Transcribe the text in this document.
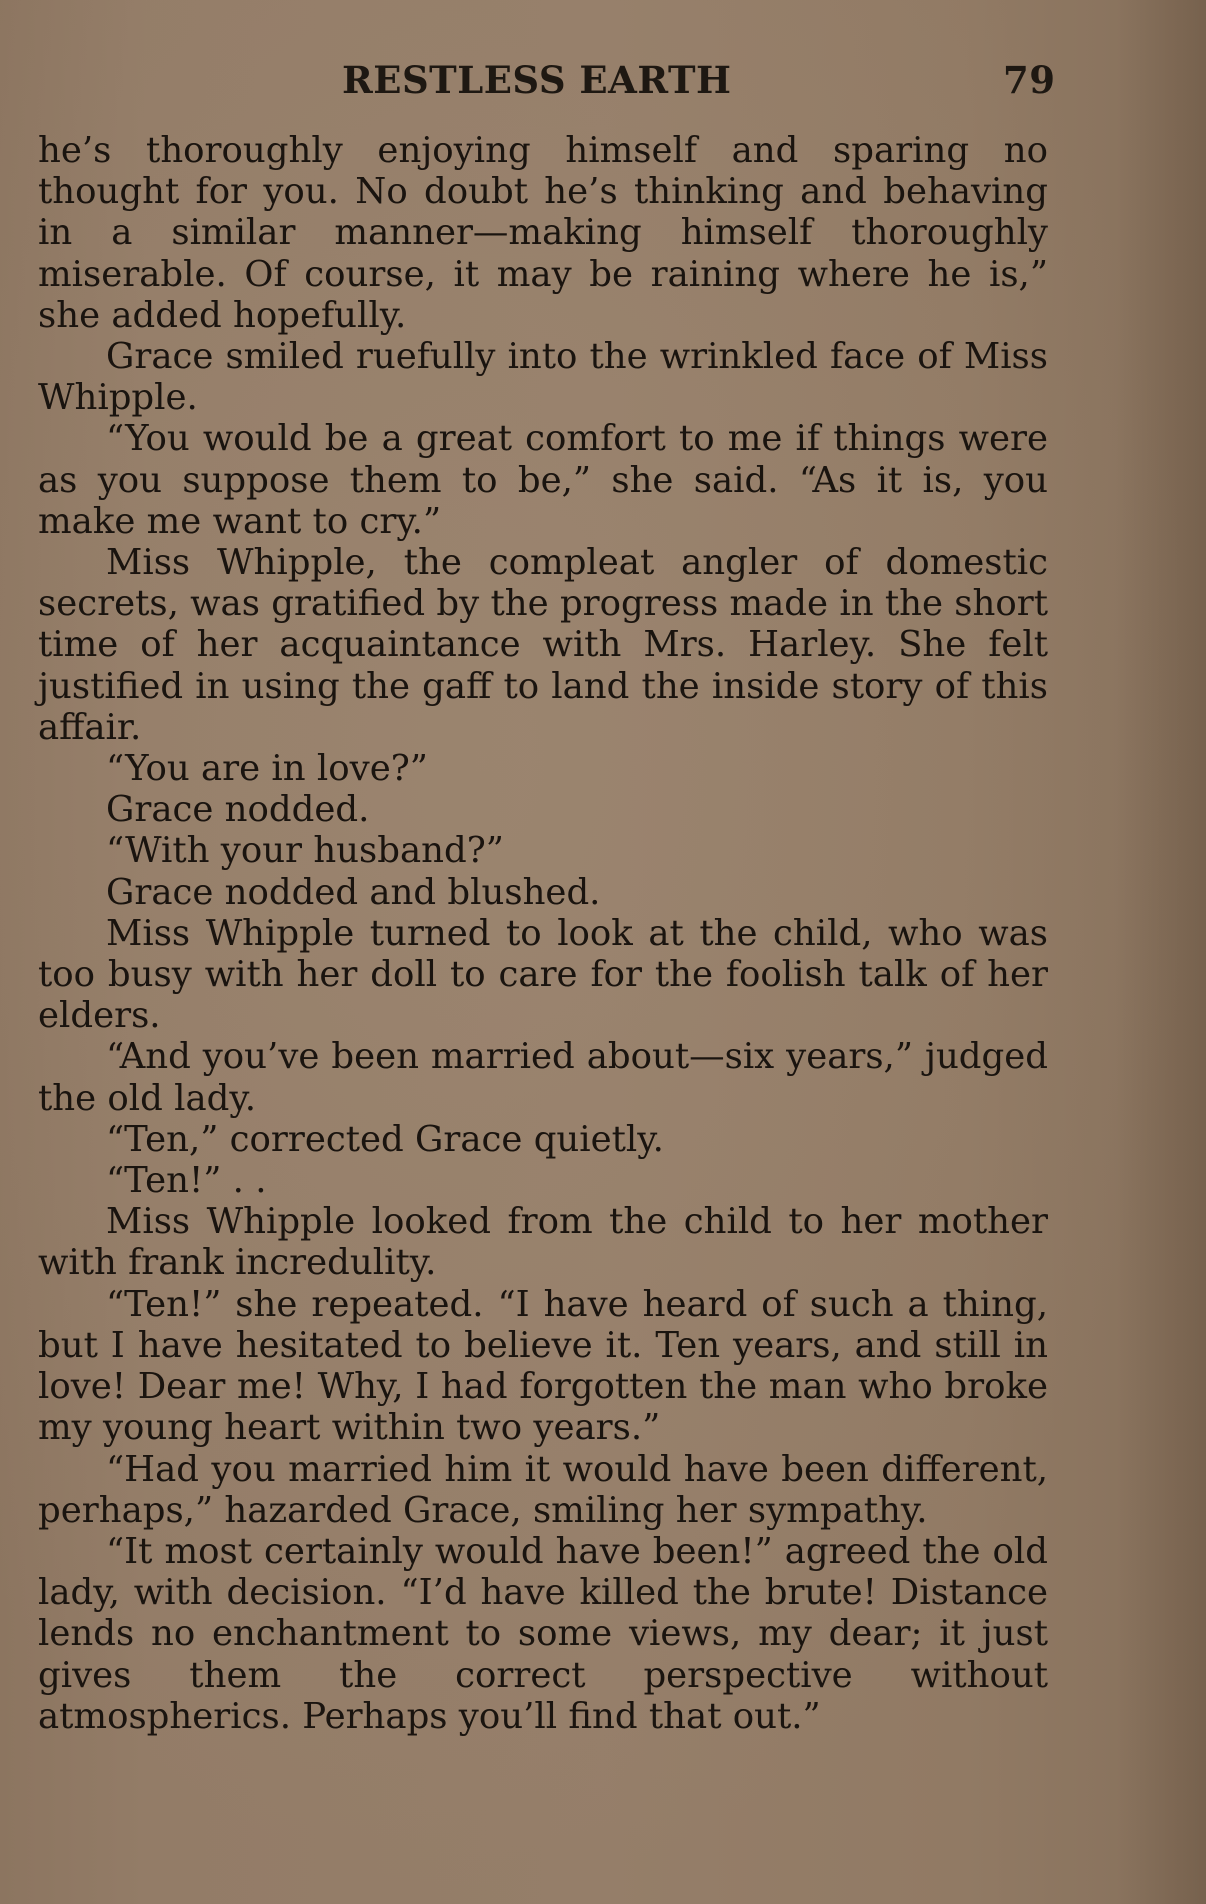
RESTLESS EARTH	79

he’s thoroughly enjoying himself and sparing no thought for you. No doubt he’s thinking and behaving in a similar manner—making himself thoroughly miserable. Of course, it may be raining where he is,” she added hopefully.

Grace smiled ruefully into the wrinkled face of Miss Whipple.

“You would be a great comfort to me if things were as you suppose them to be,” she said. “As it is, you make me want to cry.”

Miss Whipple, the compleat angler of domestic secrets, was gratified by the progress made in the short time of her acquaintance with Mrs. Harley. She felt justified in using the gaff to land the inside story of this affair.

“You are in love?”

Grace nodded.

“With your husband?”

Grace nodded and blushed.

Miss Whipple turned to look at the child, who was too busy with her doll to care for the foolish talk of her elders.

“And you’ve been married about—six years,” judged the old lady.

“Ten,” corrected Grace quietly.

“Ten!” . .

Miss Whipple looked from the child to her mother with frank incredulity.

“Ten!” she repeated. “I have heard of such a thing, but I have hesitated to believe it. Ten years, and still in love! Dear me! Why, I had forgotten the man who broke my young heart within two years.”

“Had you married him it would have been different, perhaps,” hazarded Grace, smiling her sympathy.

“It most certainly would have been!” agreed the old lady, with decision. “I’d have killed the brute! Distance lends no enchantment to some views, my dear; it just gives them the correct perspective without atmospherics. Perhaps you’ll find that out.”
